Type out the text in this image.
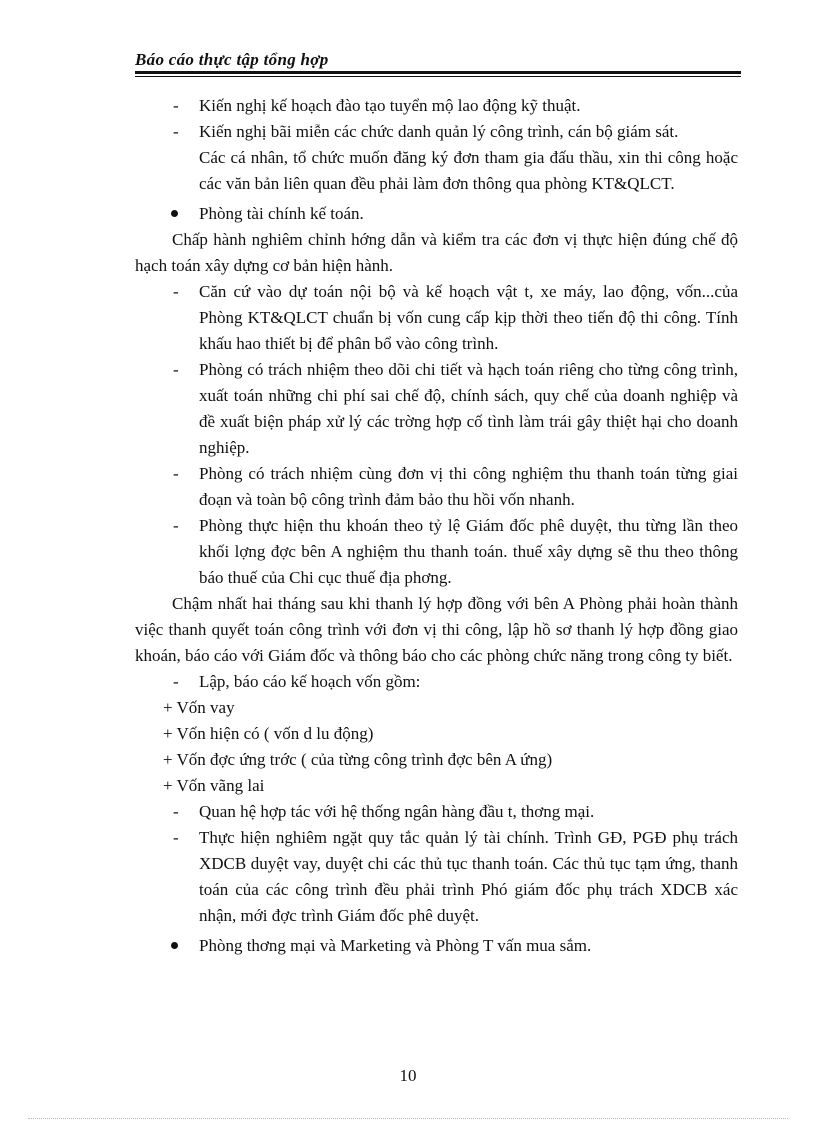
Báo cáo thực tập tổng hợp

- Kiến nghị kế hoạch đào tạo tuyển mộ lao động kỹ thuật.

- Kiến nghị bãi miễn các chức danh quản lý công trình, cán bộ giám sát.

Các cá nhân, tổ chức muốn đăng ký đơn tham gia đấu thầu, xin thi công hoặc các văn bản liên quan đều phải làm đơn thông qua phòng KT&QLCT.

Phòng tài chính kế toán.

Chấp hành nghiêm chỉnh hớng dẫn và kiểm tra các đơn vị thực hiện đúng chế độ hạch toán xây dựng cơ bản hiện hành.

- Căn cứ vào dự toán nội bộ và kế hoạch vật t, xe máy, lao động, vốn...của Phòng KT&QLCT chuẩn bị vốn cung cấp kịp thời theo tiến độ thi công. Tính khấu hao thiết bị để phân bổ vào công trình.

- Phòng có trách nhiệm theo dõi chi tiết và hạch toán riêng cho từng công trình, xuất toán những chi phí sai chế độ, chính sách, quy chế của doanh nghiệp và đề xuất biện pháp xử lý các trờng hợp cố tình làm trái gây thiệt hại cho doanh nghiệp.

- Phòng có trách nhiệm cùng đơn vị thi công nghiệm thu thanh toán từng giai đoạn và toàn bộ công trình đảm bảo thu hồi vốn nhanh.

- Phòng thực hiện thu khoán theo tỷ lệ Giám đốc phê duyệt, thu từng lần theo khối lợng đợc bên A nghiệm thu thanh toán. thuế xây dựng sẽ thu theo thông báo thuế của Chi cục thuế địa phơng.

Chậm nhất hai tháng sau khi thanh lý hợp đồng với bên A Phòng phải hoàn thành việc thanh quyết toán công trình với đơn vị thi công, lập hồ sơ thanh lý hợp đồng giao khoán, báo cáo với Giám đốc và thông báo cho các phòng chức năng trong công ty biết.

- Lập, báo cáo kế hoạch vốn gồm:

+ Vốn vay

+ Vốn hiện có ( vốn d lu động)

+ Vốn đợc ứng trớc ( của từng công trình đợc bên A ứng)

+ Vốn vãng lai

- Quan hệ hợp tác với hệ thống ngân hàng đầu t, thơng mại.

- Thực hiện nghiêm ngặt quy tắc quản lý tài chính. Trình GĐ, PGĐ phụ trách XDCB duyệt vay, duyệt chi các thủ tục thanh toán. Các thủ tục tạm ứng, thanh toán của các công trình đều phải trình Phó giám đốc phụ trách XDCB xác nhận, mới đợc trình Giám đốc phê duyệt.

Phòng thơng mại và Marketing và Phòng T vấn mua sắm.

10
